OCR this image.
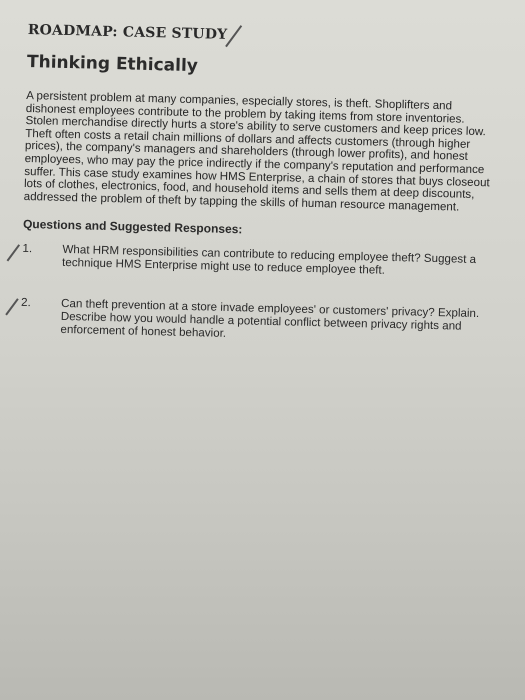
ROADMAP: CASE STUDY
Thinking Ethically

A persistent problem at many companies, especially stores, is theft. Shoplifters and dishonest employees contribute to the problem by taking items from store inventories. Stolen merchandise directly hurts a store's ability to serve customers and keep prices low. Theft often costs a retail chain millions of dollars and affects customers (through higher prices), the company's managers and shareholders (through lower profits), and honest employees, who may pay the price indirectly if the company's reputation and performance suffer. This case study examines how HMS Enterprise, a chain of stores that buys closeout lots of clothes, electronics, food, and household items and sells them at deep discounts, addressed the problem of theft by tapping the skills of human resource management.

Questions and Suggested Responses:
1.	What HRM responsibilities can contribute to reducing employee theft? Suggest a technique HMS Enterprise might use to reduce employee theft.
2.	Can theft prevention at a store invade employees' or customers' privacy? Explain. Describe how you would handle a potential conflict between privacy rights and enforcement of honest behavior.
